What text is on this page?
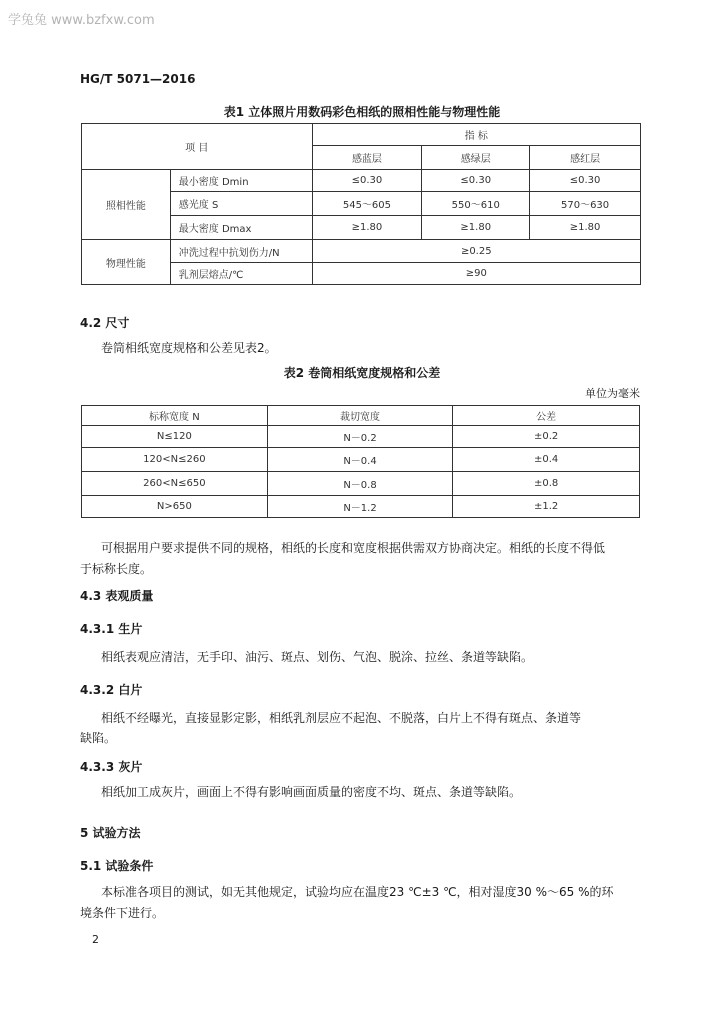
学兔兔 www.bzfxw.com
HG/T 5071—2016
表1 立体照片用数码彩色相纸的照相性能与物理性能
项 目		指 标		
		感蓝层	感绿层	感红层
照相性能	最小密度 Dmin	≤0.30	≤0.30	≤0.30
	感光度 S	545～605	550～610	570～630
	最大密度 Dmax	≥1.80	≥1.80	≥1.80
物理性能	冲洗过程中抗划伤力/N	≥0.25		
	乳剂层熔点/℃	≥90		
4.2 尺寸
卷筒相纸宽度规格和公差见表2。
表2 卷筒相纸宽度规格和公差
单位为毫米
标称宽度 N	裁切宽度	公差
N≤120	N－0.2	±0.2
120<N≤260	N－0.4	±0.4
260<N≤650	N－0.8	±0.8
N>650	N－1.2	±1.2
可根据用户要求提供不同的规格，相纸的长度和宽度根据供需双方协商决定。相纸的长度不得低
于标称长度。
4.3 表观质量
4.3.1 生片
相纸表观应清洁，无手印、油污、斑点、划伤、气泡、脱涂、拉丝、条道等缺陷。
4.3.2 白片
相纸不经曝光，直接显影定影，相纸乳剂层应不起泡、不脱落，白片上不得有斑点、条道等
缺陷。
4.3.3 灰片
相纸加工成灰片，画面上不得有影响画面质量的密度不均、斑点、条道等缺陷。
5 试验方法
5.1 试验条件
本标准各项目的测试，如无其他规定，试验均应在温度23 ℃±3 ℃，相对湿度30 %～65 %的环
境条件下进行。
2
